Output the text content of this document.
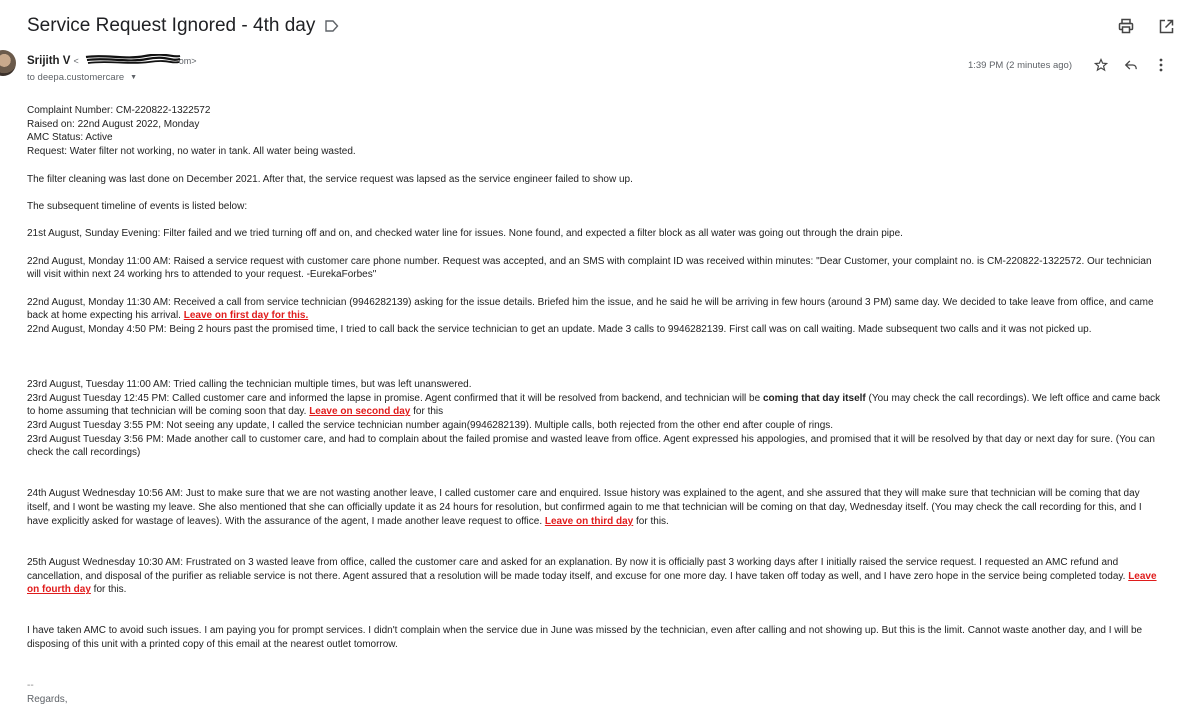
Service Request Ignored - 4th day
Srijith V <	om>
to deepa.customercare ▼
1:39 PM (2 minutes ago)

Complaint Number: CM-220822-1322572

Raised on: 22nd August 2022, Monday

AMC Status: Active

Request: Water filter not working, no water in tank. All water being wasted.

The filter cleaning was last done on December 2021. After that, the service request was lapsed as the service engineer failed to show up.

The subsequent timeline of events is listed below:

21st August, Sunday Evening: Filter failed and we tried turning off and on, and checked water line for issues. None found, and expected a filter block as all water was going out through the drain pipe.

22nd August, Monday 11:00 AM: Raised a service request with customer care phone number. Request was accepted, and an SMS with complaint ID was received within minutes: "Dear Customer, your complaint no. is CM-220822-1322572. Our technician will visit within next 24 working hrs to attended to your request. -EurekaForbes"

22nd August, Monday 11:30 AM: Received a call from service technician (9946282139) asking for the issue details. Briefed him the issue, and he said he will be arriving in few hours (around 3 PM) same day. We decided to take leave from office, and came back at home expecting his arrival. Leave on first day for this.

22nd August, Monday 4:50 PM: Being 2 hours past the promised time, I tried to call back the service technician to get an update. Made 3 calls to 9946282139. First call was on call waiting. Made subsequent two calls and it was not picked up.

23rd August, Tuesday 11:00 AM: Tried calling the technician multiple times, but was left unanswered.

23rd August Tuesday 12:45 PM: Called customer care and informed the lapse in promise. Agent confirmed that it will be resolved from backend, and technician will be coming that day itself (You may check the call recordings). We left office and came back to home assuming that technician will be coming soon that day. Leave on second day for this

23rd August Tuesday 3:55 PM: Not seeing any update, I called the service technician number again(9946282139). Multiple calls, both rejected from the other end after couple of rings.

23rd August Tuesday 3:56 PM: Made another call to customer care, and had to complain about the failed promise and wasted leave from office. Agent expressed his appologies, and promised that it will be resolved by that day or next day for sure. (You can check the call recordings)

24th August Wednesday 10:56 AM: Just to make sure that we are not wasting another leave, I called customer care and enquired. Issue history was explained to the agent, and she assured that they will make sure that technician will be coming that day itself, and I wont be wasting my leave. She also mentioned that she can officially update it as 24 hours for resolution, but confirmed again to me that technician will be coming on that day, Wednesday itself. (You may check the call recording for this, and I have explicitly asked for wastage of leaves). With the assurance of the agent, I made another leave request to office. Leave on third day for this.

25th August Wednesday 10:30 AM: Frustrated on 3 wasted leave from office, called the customer care and asked for an explanation. By now it is officially past 3 working days after I initially raised the service request. I requested an AMC refund and cancellation, and disposal of the purifier as reliable service is not there. Agent assured that a resolution will be made today itself, and excuse for one more day. I have taken off today as well, and I have zero hope in the service being completed today. Leave on fourth day for this.

I have taken AMC to avoid such issues. I am paying you for prompt services. I didn't complain when the service due in June was missed by the technician, even after calling and not showing up. But this is the limit. Cannot waste another day, and I will be disposing of this unit with a printed copy of this email at the nearest outlet tomorrow.

--

Regards,
